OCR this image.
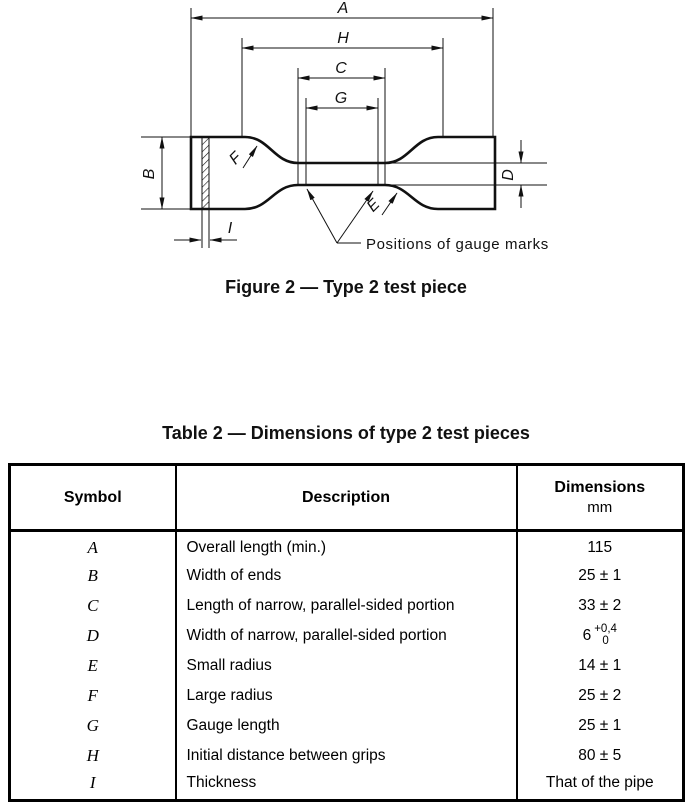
A
H
C
G
B	D
F
E
I
Positions of gauge marks
Figure 2 — Type 2 test piece
Table 2 — Dimensions of type 2 test pieces
Symbol	Description	Dimensions
mm

A	Overall length (min.)	115
B	Width of ends	25 ± 1
C	Length of narrow, parallel-sided portion	33 ± 2
D	Width of narrow, parallel-sided portion	6 +0,4
0

E	Small radius	14 ± 1
F	Large radius	25 ± 2
G	Gauge length	25 ± 1
H	Initial distance between grips	80 ± 5
I	Thickness	That of the pipe
